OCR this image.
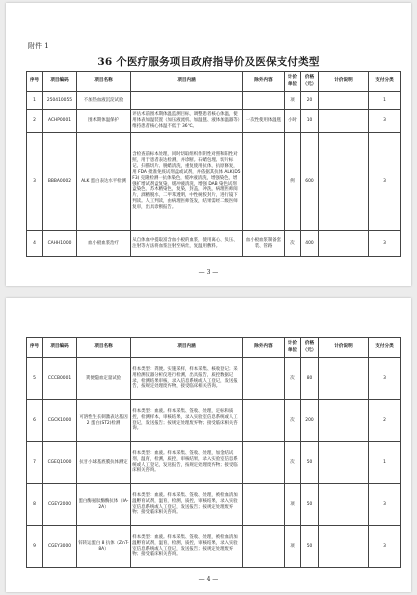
附件 1
36 个医疗服务项目政府指导价及医保支付类型
序号	项目编码	项目名称	项目内涵	除外内容	计价单位	价格（元）	计价说明	支付分类
1	250410055	不加热血液沉淀试验			项	20		1
2	ACHP0001	围术期体温保护	评估术前围术期体温监测目标，调整患者核心体温，使用体表加温装置（加压液流机、加温毯、液体加温器等）维持患者核心体温不低于 36℃。	一次性使用体温毯	小时	10		3
3	BBBA0002	ALK 蛋白表达水平检测	含检查前标本处理，同时切取组织作阴性对照和阳性对照，用于患者表达检测，并诊断。石蜡包埋、切片标记、扫描切片、脱蜡清洗，重复使用抗体，抗原修复，用 FDA 批准免疫试剂盒或试剂，并依据其抗体 ALK(D5F3) 克隆检测一抗体染色，缓冲液清洗，增强染色，增强扩增试剂盒复染，缓冲液清洗，增强 DAB 染色试剂盒染色，苏木精染色，复染，封盖，冲洗，病理医师阅片，酒精脱水，二甲苯透明，中性树胶封片，进行镜下判读。人工判读，由病理医师签发，结果需经二级医师复审，出具诊断报告。		例	600		3
4	CAHH1000	血小板血浆治疗	从自体血中提取富含血小板的血浆，使用离心、负压、注射等方法将血浆注射至病灶，复温用敷料。	血小板血浆制备套装、管路	次	400		3
— 3 —
序号	项目编码	项目名称	项目内涵	除外内容	计价单位	价格（元）	计价说明	支付分类
5	CCCB0001	粪便隐血定量试验	样本类型：粪便。实施采样，样本采集、核收登记；采用检测仪器分析仪进行检测，出具报告，质控数据记录，检测结果审核，录入信息系统或人工登记，发送报告，按规定处理废弃物，接受临床相关咨询。		次	80		3
6	CGCK1000	可溶性生长刺激表达基因 2 蛋白(ST2)检测	样本类型：血液。样本采集、签收、处理，定标和质控，检测样本，审核结果，录入实验室信息系统或人工登记，发送报告；按规定处理废弃物；接受临床相关咨询。		次	200		2
7	CGEQ1000	抗甘小球基底膜抗体测定	样本类型：血液。样本采集、签收、处理，加金结试剂，温育，检测，质控，审核结果，录入实验室信息系统或人工登记，发送报告，按规定处理废弃物；接受临床相关咨询。		次	50		1
8	CGEY2000	蛋白酶氨肽酶酶抗体（IA-2A）	样本类型：血液。样本采集、签收、处理，被检血清加温孵育试剂，温育，检测，质控，审核结果，录入实验室信息系统或人工登记，发送报告；按规定处理废弃物；接受临床相关咨询。		项	50		3
9	CGEY3000	锌转运蛋白 8 抗体（ZnT-8A）	样本类型：血液。样本采集、签收、处理，被检血清加温孵育试剂，温育，检测，质控，审核结果，录入实验室信息系统或人工登记，发送报告；按规定处理废弃物；接受临床相关咨询。		项	50		3
— 4 —
